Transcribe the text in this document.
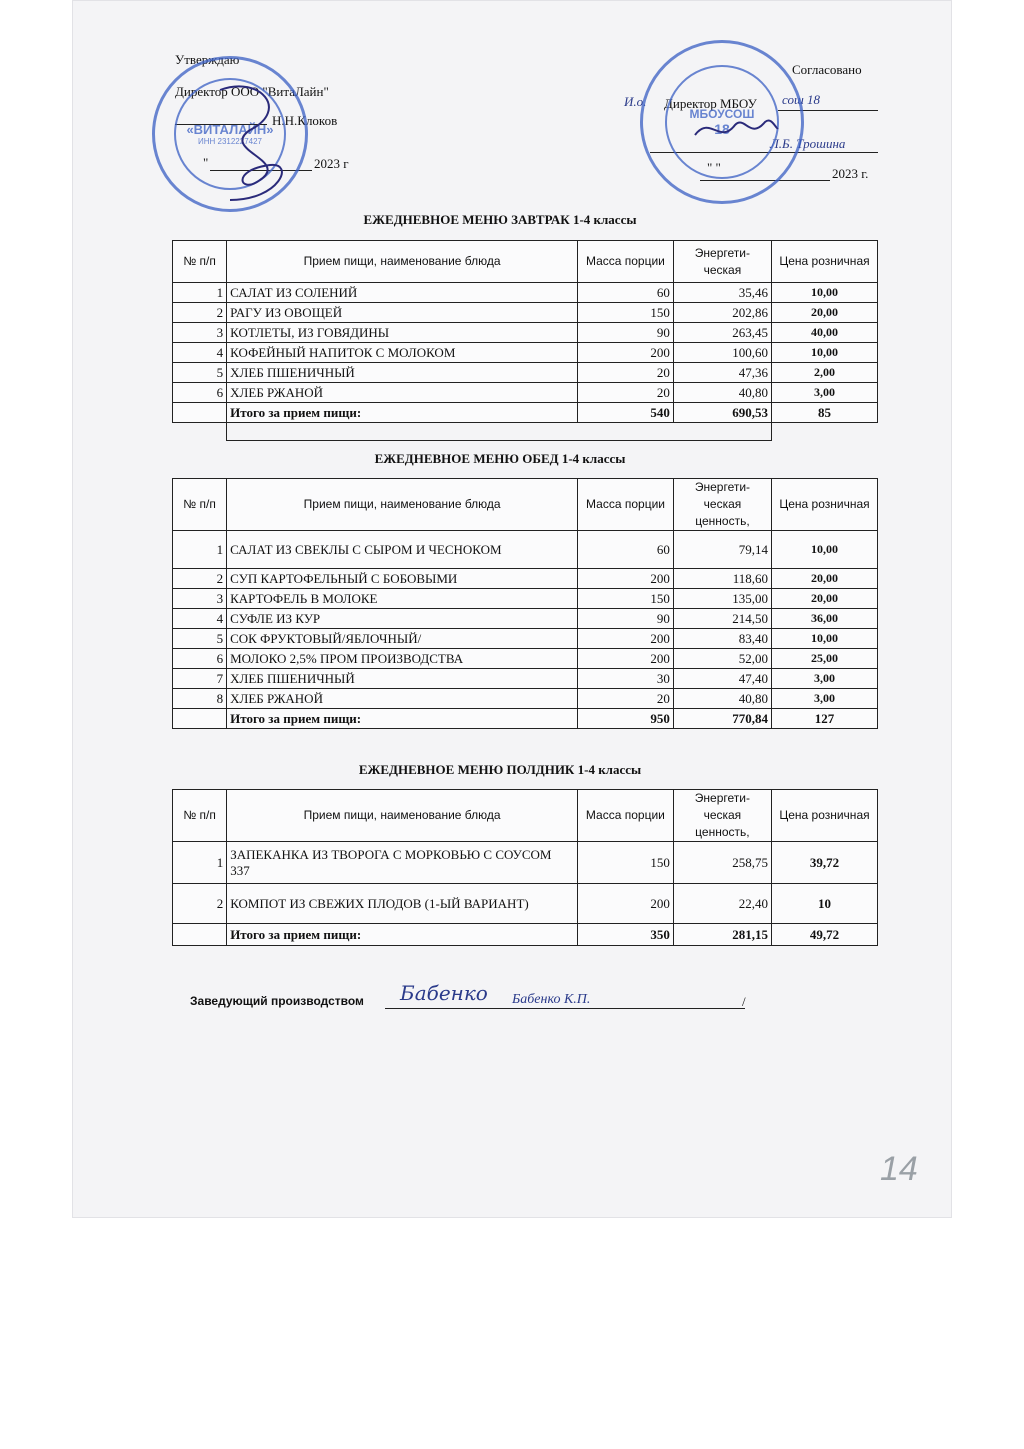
Утверждаю
Директор ООО "ВитаЛайн"
Н.Н.Клоков
"	2023 г
«ВИТАЛАЙН»
ИНН 2312227427
Согласовано
И.о. Директор МБОУ сош 18
Л.Б. Трошина
" "	2023 г.
МБОУСОШ
18
ЕЖЕДНЕВНОЕ МЕНЮ ЗАВТРАК 1-4 классы
№ п/п	Прием пищи, наименование блюда	Масса порции	Энергети-ческая	Цена розничная
1	САЛАТ ИЗ СОЛЕНИЙ	60	35,46	10,00
2	РАГУ ИЗ ОВОЩЕЙ	150	202,86	20,00
3	КОТЛЕТЫ, ИЗ ГОВЯДИНЫ	90	263,45	40,00
4	КОФЕЙНЫЙ НАПИТОК С МОЛОКОМ	200	100,60	10,00
5	ХЛЕБ ПШЕНИЧНЫЙ	20	47,36	2,00
6	ХЛЕБ РЖАНОЙ	20	40,80	3,00
	Итого за прием пищи:	540	690,53	85
ЕЖЕДНЕВНОЕ МЕНЮ ОБЕД 1-4 классы
№ п/п	Прием пищи, наименование блюда	Масса порции	Энергети-ческая ценность,	Цена розничная
1	САЛАТ ИЗ СВЕКЛЫ С СЫРОМ И ЧЕСНОКОМ	60	79,14	10,00
2	СУП КАРТОФЕЛЬНЫЙ С БОБОВЫМИ	200	118,60	20,00
3	КАРТОФЕЛЬ В МОЛОКЕ	150	135,00	20,00
4	СУФЛЕ ИЗ КУР	90	214,50	36,00
5	СОК ФРУКТОВЫЙ/ЯБЛОЧНЫЙ/	200	83,40	10,00
6	МОЛОКО 2,5% ПРОМ ПРОИЗВОДСТВА	200	52,00	25,00
7	ХЛЕБ ПШЕНИЧНЫЙ	30	47,40	3,00
8	ХЛЕБ РЖАНОЙ	20	40,80	3,00
	Итого за прием пищи:	950	770,84	127
ЕЖЕДНЕВНОЕ МЕНЮ ПОЛДНИК 1-4 классы
№ п/п	Прием пищи, наименование блюда	Масса порции	Энергети-ческая ценность,	Цена розничная
1	ЗАПЕКАНКА ИЗ ТВОРОГА С МОРКОВЬЮ С СОУСОМ 337	150	258,75	39,72
2	КОМПОТ ИЗ СВЕЖИХ ПЛОДОВ (1-ЫЙ ВАРИАНТ)	200	22,40	10
	Итого за прием пищи:	350	281,15	49,72
Заведующий производством Бабенко Бабенко К.П.	/
14
